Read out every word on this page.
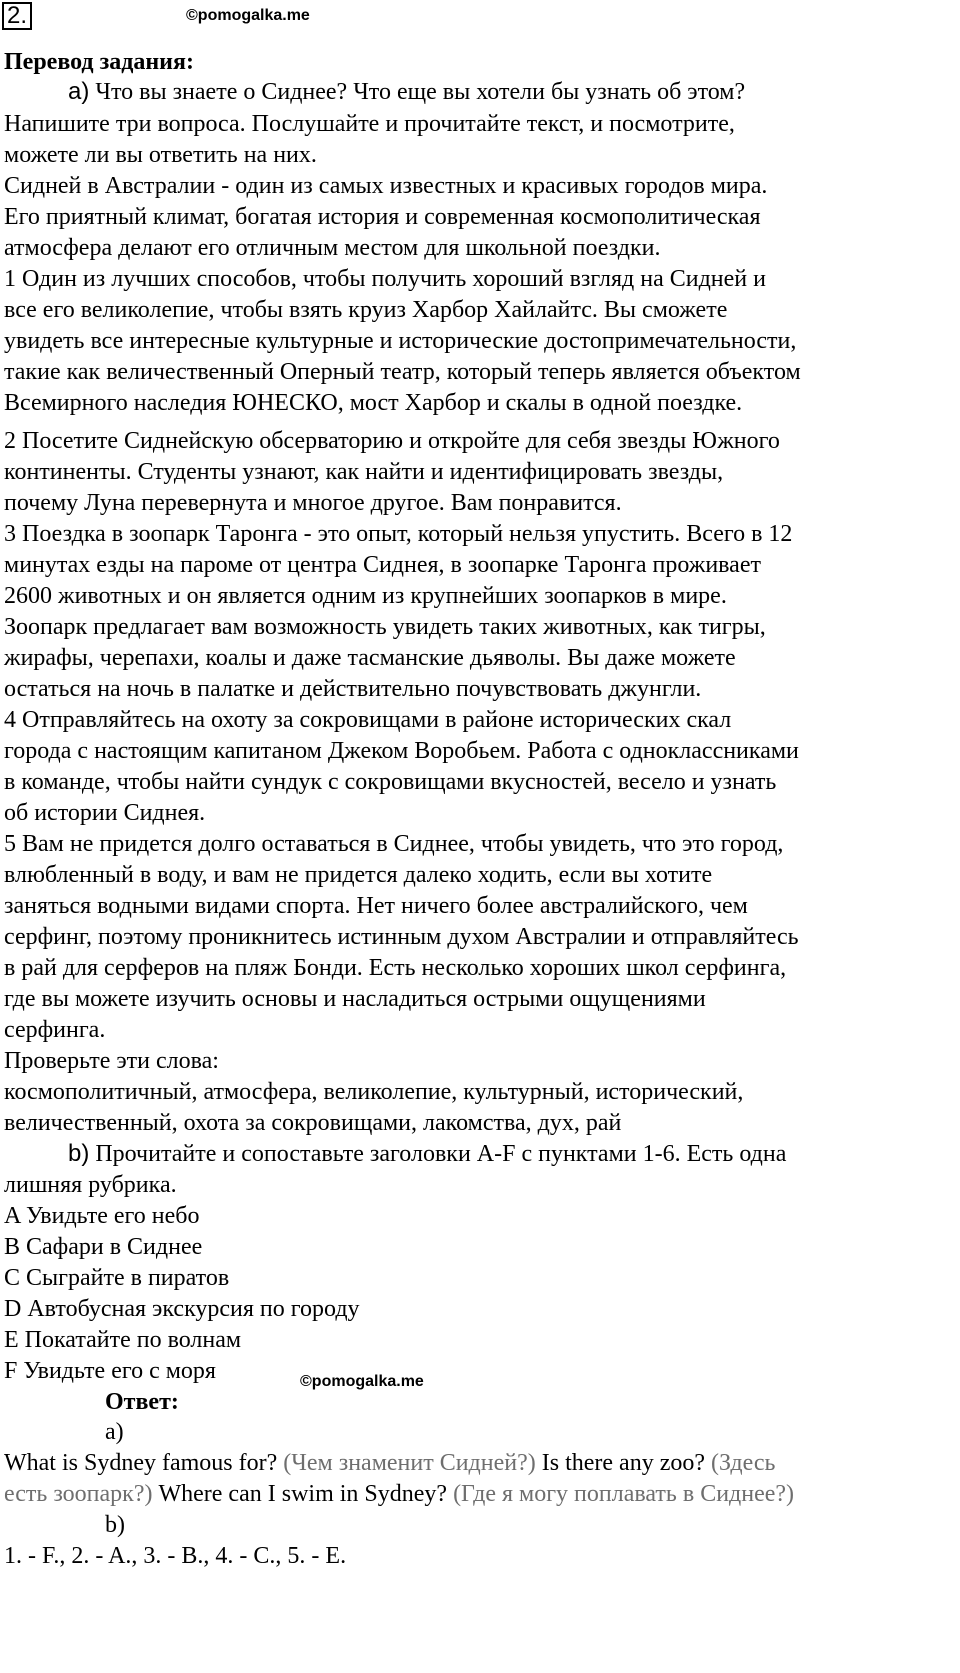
2.	©pomogalka.me
Перевод задания:
а) Что вы знаете о Сиднее? Что еще вы хотели бы узнать об этом?
Напишите три вопроса. Послушайте и прочитайте текст, и посмотрите,
можете ли вы ответить на них.
Сидней в Австралии - один из самых известных и красивых городов мира.
Его приятный климат, богатая история и современная космополитическая
атмосфера делают его отличным местом для школьной поездки.
1 Один из лучших способов, чтобы получить хороший взгляд на Сидней и
все его великолепие, чтобы взять круиз Харбор Хайлайтс. Вы сможете
увидеть все интересные культурные и исторические достопримечательности,
такие как величественный Оперный театр, который теперь является объектом
Всемирного наследия ЮНЕСКО, мост Харбор и скалы в одной поездке.
2 Посетите Сиднейскую обсерваторию и откройте для себя звезды Южного
континенты. Студенты узнают, как найти и идентифицировать звезды,
почему Луна перевернута и многое другое. Вам понравится.
3 Поездка в зоопарк Таронга - это опыт, который нельзя упустить. Всего в 12
минутах езды на пароме от центра Сиднея, в зоопарке Таронга проживает
2600 животных и он является одним из крупнейших зоопарков в мире.
Зоопарк предлагает вам возможность увидеть таких животных, как тигры,
жирафы, черепахи, коалы и даже тасманские дьяволы. Вы даже можете
остаться на ночь в палатке и действительно почувствовать джунгли.
4 Отправляйтесь на охоту за сокровищами в районе исторических скал
города с настоящим капитаном Джеком Воробьем. Работа с одноклассниками
в команде, чтобы найти сундук с сокровищами вкусностей, весело и узнать
об истории Сиднея.
5 Вам не придется долго оставаться в Сиднее, чтобы увидеть, что это город,
влюбленный в воду, и вам не придется далеко ходить, если вы хотите
заняться водными видами спорта. Нет ничего более австралийского, чем
серфинг, поэтому проникнитесь истинным духом Австралии и отправляйтесь
в рай для серферов на пляж Бонди. Есть несколько хороших школ серфинга,
где вы можете изучить основы и насладиться острыми ощущениями
серфинга.
Проверьте эти слова:
космополитичный, атмосфера, великолепие, культурный, исторический,
величественный, охота за сокровищами, лакомства, дух, рай
b) Прочитайте и сопоставьте заголовки A-F с пунктами 1-6. Есть одна
лишняя рубрика.
A Увидьте его небо
B Сафари в Сиднее
C Сыграйте в пиратов
D Автобусная экскурсия по городу
E Покатайте по волнам
F Увидьте его с моря	©pomogalka.me
Ответ:
а)
What is Sydney famous for? (Чем знаменит Сидней?) Is there any zoo? (Здесь
есть зоопарк?) Where can I swim in Sydney? (Где я могу поплавать в Сиднее?)
b)
1. - F., 2. - A., 3. - B., 4. - C., 5. - E.
